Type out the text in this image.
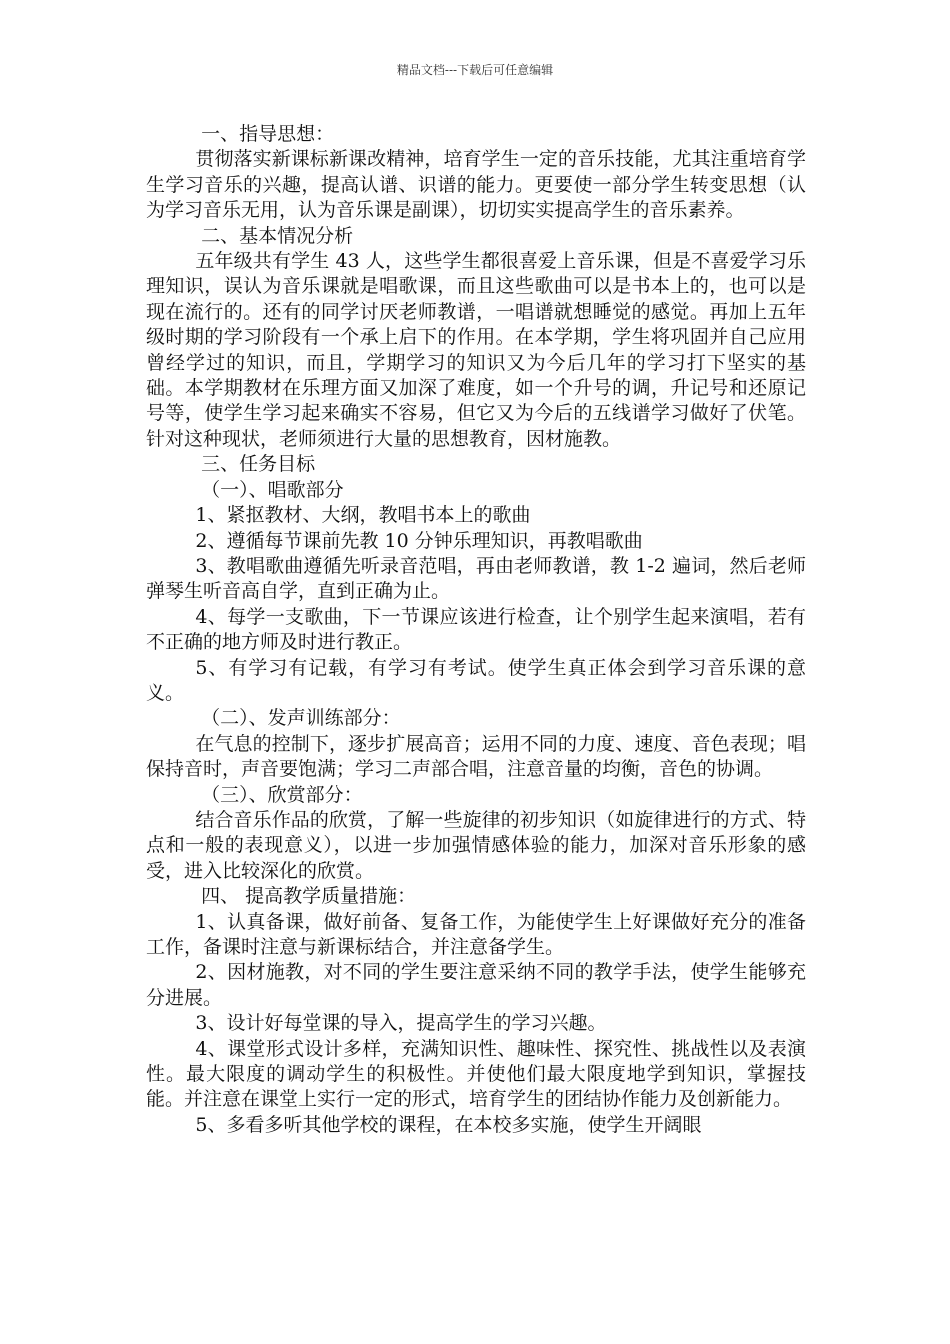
精品文档---下载后可任意编辑

一、指导思想：

贯彻落实新课标新课改精神，培育学生一定的音乐技能，尤其注重培育学生学习音乐的兴趣，提高认谱、识谱的能力。更要使一部分学生转变思想（认为学习音乐无用，认为音乐课是副课），切切实实提高学生的音乐素养。

二、基本情况分析

五年级共有学生 43 人，这些学生都很喜爱上音乐课，但是不喜爱学习乐理知识，误认为音乐课就是唱歌课，而且这些歌曲可以是书本上的，也可以是现在流行的。还有的同学讨厌老师教谱，一唱谱就想睡觉的感觉。再加上五年级时期的学习阶段有一个承上启下的作用。在本学期，学生将巩固并自己应用曾经学过的知识，而且，学期学习的知识又为今后几年的学习打下坚实的基础。本学期教材在乐理方面又加深了难度，如一个升号的调，升记号和还原记号等，使学生学习起来确实不容易，但它又为今后的五线谱学习做好了伏笔。针对这种现状，老师须进行大量的思想教育，因材施教。

三、任务目标

（一）、唱歌部分

1、紧抠教材、大纲，教唱书本上的歌曲

2、遵循每节课前先教 10 分钟乐理知识，再教唱歌曲

3、教唱歌曲遵循先听录音范唱，再由老师教谱，教 1-2 遍词，然后老师弹琴生听音高自学，直到正确为止。

4、每学一支歌曲，下一节课应该进行检查，让个别学生起来演唱，若有不正确的地方师及时进行教正。

5、有学习有记载，有学习有考试。使学生真正体会到学习音乐课的意义。

（二）、发声训练部分：

在气息的控制下，逐步扩展高音；运用不同的力度、速度、音色表现；唱保持音时，声音要饱满；学习二声部合唱，注意音量的均衡，音色的协调。

（三）、欣赏部分：

结合音乐作品的欣赏，了解一些旋律的初步知识（如旋律进行的方式、特点和一般的表现意义），以进一步加强情感体验的能力，加深对音乐形象的感受，进入比较深化的欣赏。

四、 提高教学质量措施：

1、认真备课，做好前备、复备工作，为能使学生上好课做好充分的准备工作，备课时注意与新课标结合，并注意备学生。

2、因材施教，对不同的学生要注意采纳不同的教学手法，使学生能够充分进展。

3、设计好每堂课的导入，提高学生的学习兴趣。

4、课堂形式设计多样，充满知识性、趣味性、探究性、挑战性以及表演性。最大限度的调动学生的积极性。并使他们最大限度地学到知识，掌握技能。并注意在课堂上实行一定的形式，培育学生的团结协作能力及创新能力。

5、多看多听其他学校的课程，在本校多实施，使学生开阔眼
